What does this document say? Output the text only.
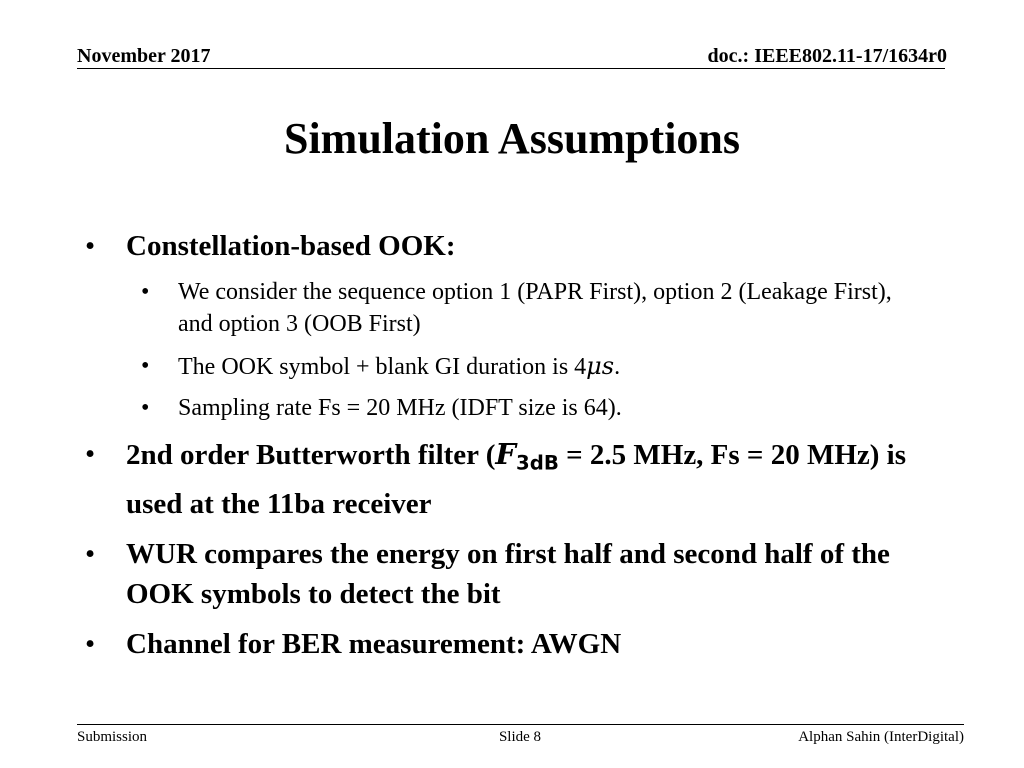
November 2017	doc.: IEEE802.11-17/1634r0
Simulation Assumptions
• Constellation-based OOK:
• We consider the sequence option 1 (PAPR First), option 2 (Leakage First), and option 3 (OOB First)
• The OOK symbol + blank GI duration is 4μs.
• Sampling rate Fs = 20 MHz (IDFT size is 64).
• 2nd order Butterworth filter ($F_{3dB} = 2.5$ MHz, Fs = 20 MHz) is used at the 11ba receiver
• WUR compares the energy on first half and second half of the OOK symbols to detect the bit
• Channel for BER measurement: AWGN
Submission	Slide 8	Alphan Sahin (InterDigital)
